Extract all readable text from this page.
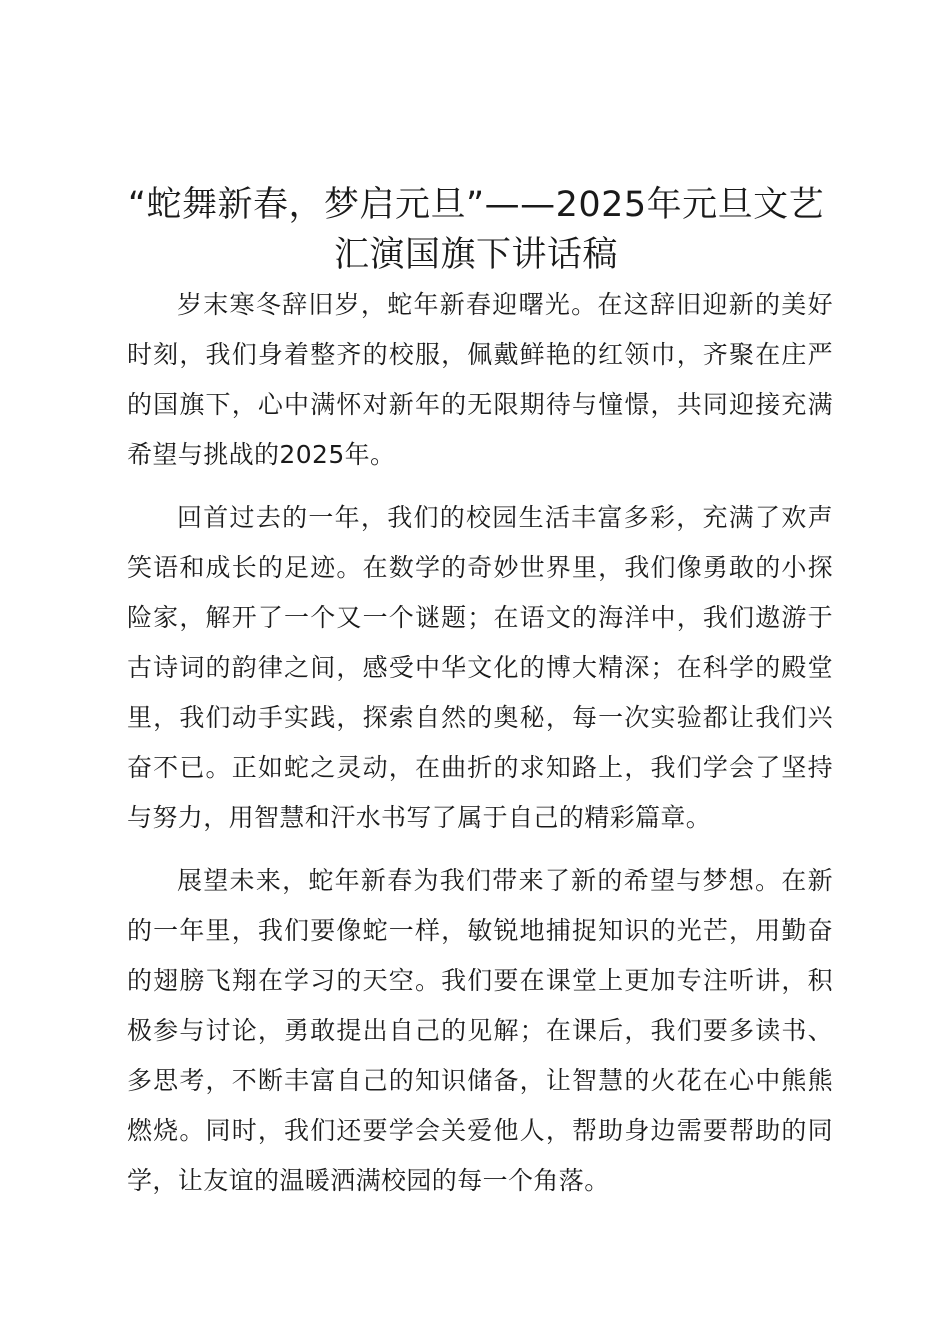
“蛇舞新春，梦启元旦”——2025年元旦文艺汇演国旗下讲话稿

岁末寒冬辞旧岁，蛇年新春迎曙光。在这辞旧迎新的美好时刻，我们身着整齐的校服，佩戴鲜艳的红领巾，齐聚在庄严的国旗下，心中满怀对新年的无限期待与憧憬，共同迎接充满希望与挑战的2025年。

回首过去的一年，我们的校园生活丰富多彩，充满了欢声笑语和成长的足迹。在数学的奇妙世界里，我们像勇敢的小探险家，解开了一个又一个谜题；在语文的海洋中，我们遨游于古诗词的韵律之间，感受中华文化的博大精深；在科学的殿堂里，我们动手实践，探索自然的奥秘，每一次实验都让我们兴奋不已。正如蛇之灵动，在曲折的求知路上，我们学会了坚持与努力，用智慧和汗水书写了属于自己的精彩篇章。

展望未来，蛇年新春为我们带来了新的希望与梦想。在新的一年里，我们要像蛇一样，敏锐地捕捉知识的光芒，用勤奋的翅膀飞翔在学习的天空。我们要在课堂上更加专注听讲，积极参与讨论，勇敢提出自己的见解；在课后，我们要多读书、多思考，不断丰富自己的知识储备，让智慧的火花在心中熊熊燃烧。同时，我们还要学会关爱他人，帮助身边需要帮助的同学，让友谊的温暖洒满校园的每一个角落。
